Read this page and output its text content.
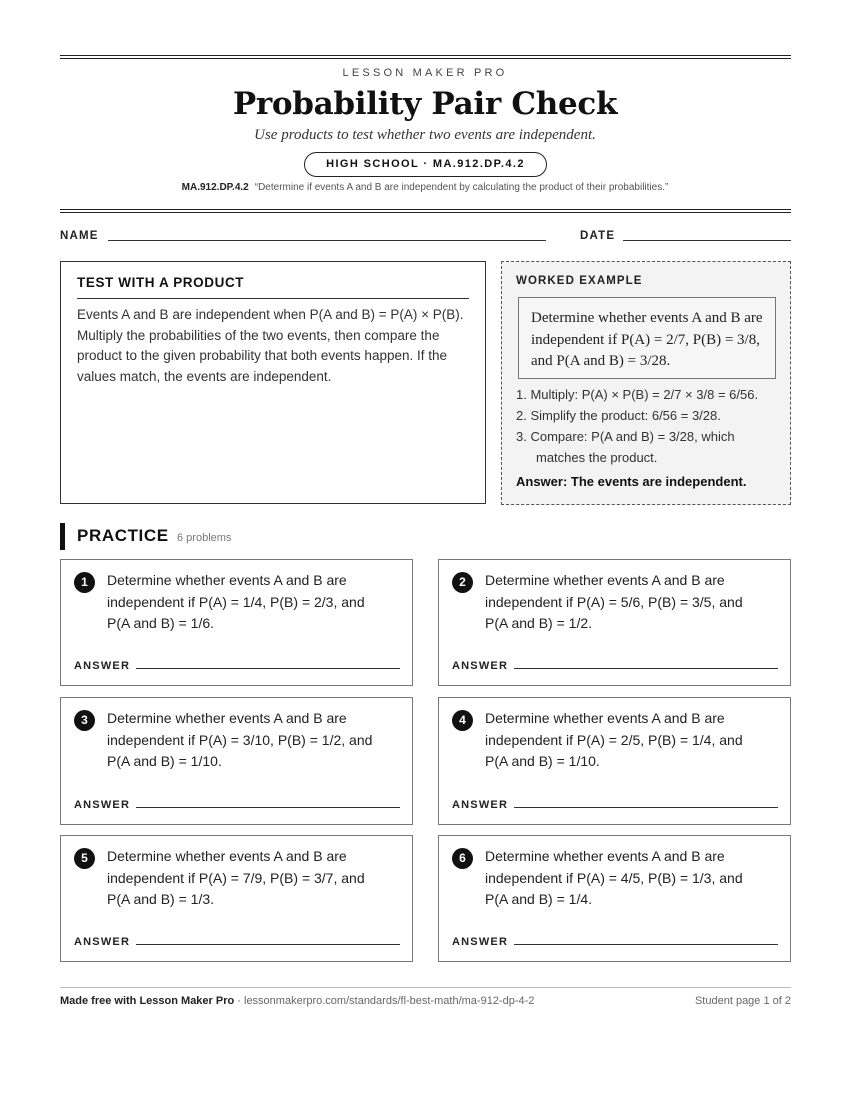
LESSON MAKER PRO
Probability Pair Check
Use products to test whether two events are independent.
HIGH SCHOOL · MA.912.DP.4.2
MA.912.DP.4.2 “Determine if events A and B are independent by calculating the product of their probabilities.”
NAME	DATE
TEST WITH A PRODUCT

Events A and B are independent when P(A and B) = P(A) × P(B). Multiply the probabilities of the two events, then compare the product to the given probability that both events happen. If the values match, the events are independent.

WORKED EXAMPLE
Determine whether events A and B are independent if P(A) = 2/7, P(B) = 3/8, and P(A and B) = 3/28.
1. Multiply: P(A) × P(B) = 2/7 × 3/8 = 6/56.
2. Simplify the product: 6/56 = 3/28.
3. Compare: P(A and B) = 3/28, which matches the product.
Answer: The events are independent.
PRACTICE 6 problems
1	Determine whether events A and B are independent if P(A) = 1/4, P(B) = 2/3, and P(A and B) = 1/6.
ANSWER
2	Determine whether events A and B are independent if P(A) = 5/6, P(B) = 3/5, and P(A and B) = 1/2.
ANSWER
3	Determine whether events A and B are independent if P(A) = 3/10, P(B) = 1/2, and P(A and B) = 1/10.
ANSWER
4	Determine whether events A and B are independent if P(A) = 2/5, P(B) = 1/4, and P(A and B) = 1/10.
ANSWER
5	Determine whether events A and B are independent if P(A) = 7/9, P(B) = 3/7, and P(A and B) = 1/3.
ANSWER
6	Determine whether events A and B are independent if P(A) = 4/5, P(B) = 1/3, and P(A and B) = 1/4.
ANSWER
Made free with Lesson Maker Pro · lessonmakerpro.com/standards/fl-best-math/ma-912-dp-4-2	Student page 1 of 2
